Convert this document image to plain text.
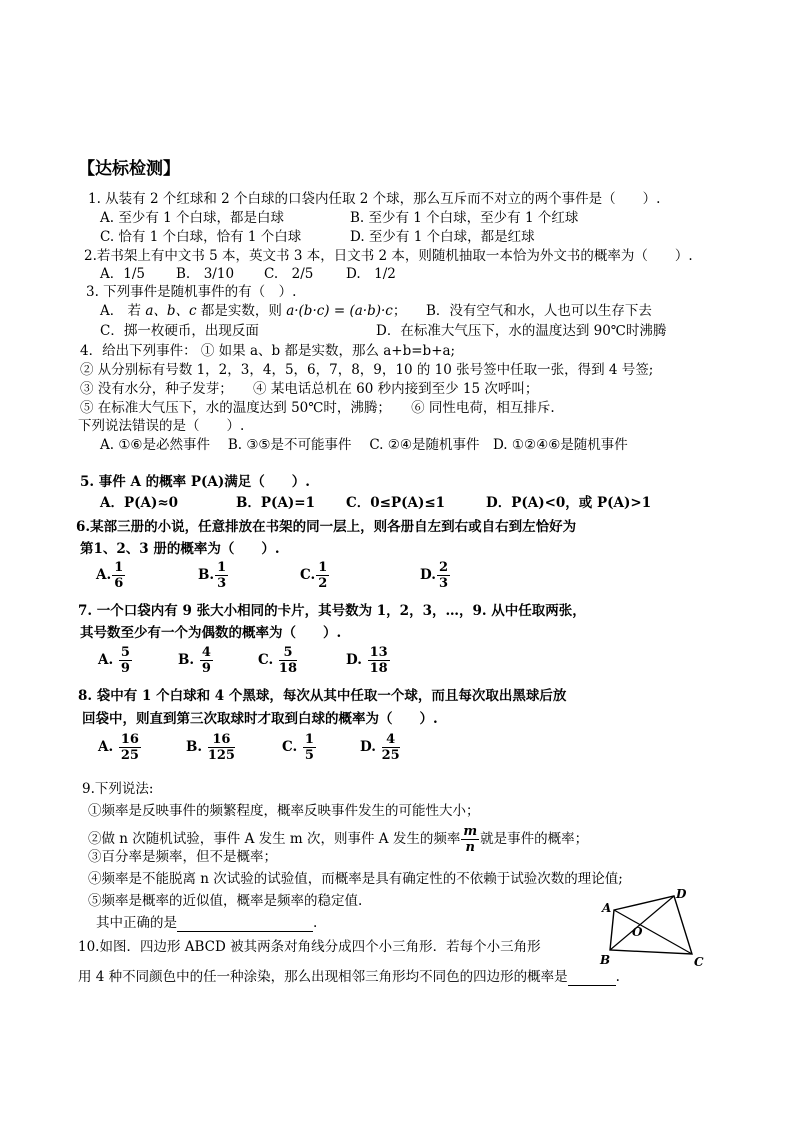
【达标检测】
1. 从装有 2 个红球和 2 个白球的口袋内任取 2 个球，那么互斥而不对立的两个事件是（　　）.
A. 至少有 1 个白球，都是白球	B. 至少有 1 个白球，至少有 1 个红球
C. 恰有 1 个白球，恰有 1 个白球	D. 至少有 1 个白球，都是红球
2.若书架上有中文书 5 本，英文书 3 本，日文书 2 本，则随机抽取一本恰为外文书的概率为（　　）.
A．1/5 B.　3/10 C.　2/5 D.　1/2
3. 下列事件是随机事件的有（　）.
A． 若 a、b、c 都是实数，则 a·(b·c) = (a·b)·c； B．没有空气和水，人也可以生存下去
C．掷一枚硬币，出现反面	D．在标准大气压下，水的温度达到 90℃时沸腾
4．给出下列事件： ① 如果 a、b 都是实数，那么 a+b=b+a;
② 从分别标有号数 1，2，3，4，5，6，7，8，9，10 的 10 张号签中任取一张，得到 4 号签;
③ 没有水分，种子发芽；　　④ 某电话总机在 60 秒内接到至少 15 次呼叫；
⑤ 在标准大气压下，水的温度达到 50℃时，沸腾；　　⑥ 同性电荷，相互排斥.
下列说法错误的是（　　）.
A. ①⑥是必然事件　 B. ③⑤是不可能事件　 C. ②④是随机事件　D. ①②④⑥是随机事件
5. 事件 A 的概率 P(A)满足（　　）.
A．P(A)≈0	B．P(A)=1 C．0≤P(A)≤1	D．P(A)<0，或 P(A)>1
6.某部三册的小说，任意排放在书架的同一层上，则各册自左到右或自右到左恰好为
第1、2、3 册的概率为（　　）.
A. $\frac{1}{6}$	B. $\frac{1}{3}$	C. $\frac{1}{2}$	D. $\frac{2}{3}$
7. 一个口袋内有 9 张大小相同的卡片，其号数为 1，2，3，…，9. 从中任取两张，
其号数至少有一个为偶数的概率为（　　）.
A. $\frac{5}{9}$	B. $\frac{4}{9}$	C. $\frac{5}{18}$	D. $\frac{13}{18}$
8. 袋中有 1 个白球和 4 个黑球，每次从其中任取一个球，而且每次取出黑球后放
回袋中，则直到第三次取球时才取到白球的概率为（　　）.
A. $\frac{16}{25}$	B. $\frac{16}{125}$	C. $\frac{1}{5}$	D. $\frac{4}{25}$
9.下列说法:
①频率是反映事件的频繁程度，概率反映事件发生的可能性大小；
②做 n 次随机试验，事件 A 发生 m 次，则事件 A 发生的频率 $\frac{m}{n}$ 就是事件的概率；
③百分率是频率，但不是概率；
④频率是不能脱离 n 次试验的试验值，而概率是具有确定性的不依赖于试验次数的理论值;
⑤频率是概率的近似值，概率是频率的稳定值.
其中正确的是	.
10.如图．四边形 ABCD 被其两条对角线分成四个小三角形．若每个小三角形
用 4 种不同颜色中的任一种涂染，那么出现相邻三角形均不同色的四边形的概率是	.
A
D
C
B
O
